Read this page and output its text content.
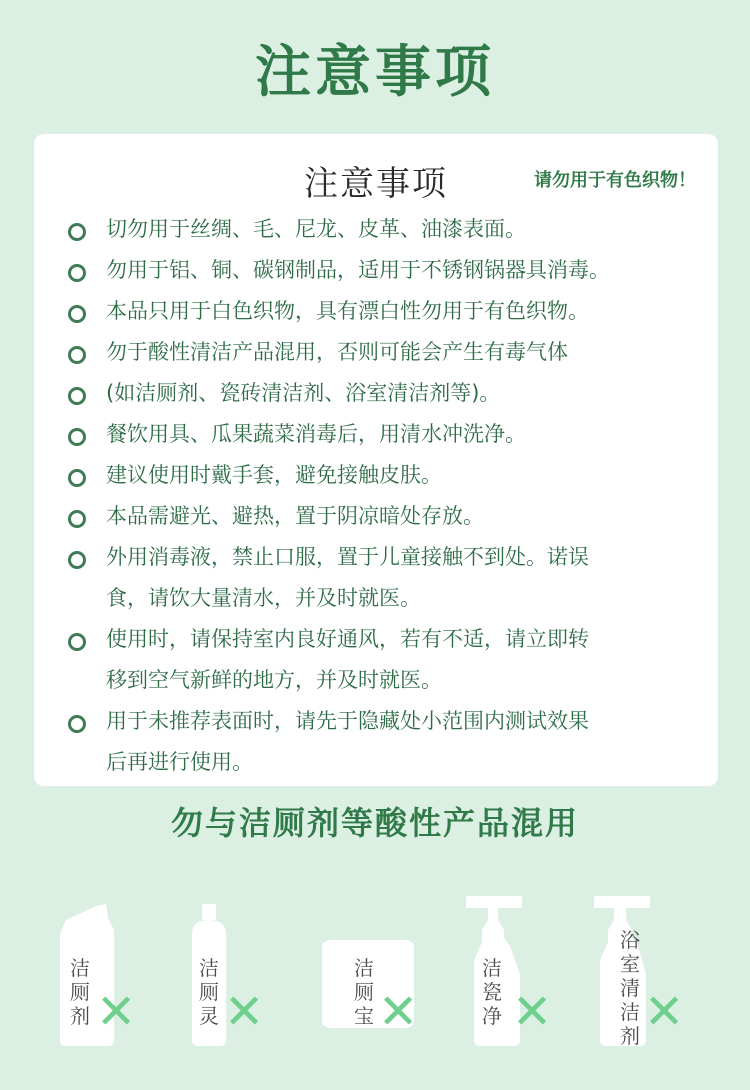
注意事项
注意事项	请勿用于有色织物！
切勿用于丝绸、毛、尼龙、皮革、油漆表面。
勿用于铝、铜、碳钢制品，适用于不锈钢锅器具消毒。
本品只用于白色织物，具有漂白性勿用于有色织物。
勿于酸性清洁产品混用，否则可能会产生有毒气体
(如洁厕剂、瓷砖清洁剂、浴室清洁剂等)。
餐饮用具、瓜果蔬菜消毒后，用清水冲洗净。
建议使用时戴手套，避免接触皮肤。
本品需避光、避热，置于阴凉暗处存放。
外用消毒液，禁止口服，置于儿童接触不到处。诺误
食，请饮大量清水，并及时就医。
使用时，请保持室内良好通风，若有不适，请立即转
移到空气新鲜的地方，并及时就医。
用于未推荐表面时，请先于隐藏处小范围内测试效果
后再进行使用。
勿与洁厕剂等酸性产品混用
洁厕剂 ✕
洁厕灵 ✕
洁厕宝 ✕
洁瓷净 ✕
浴室清洁剂 ✕
